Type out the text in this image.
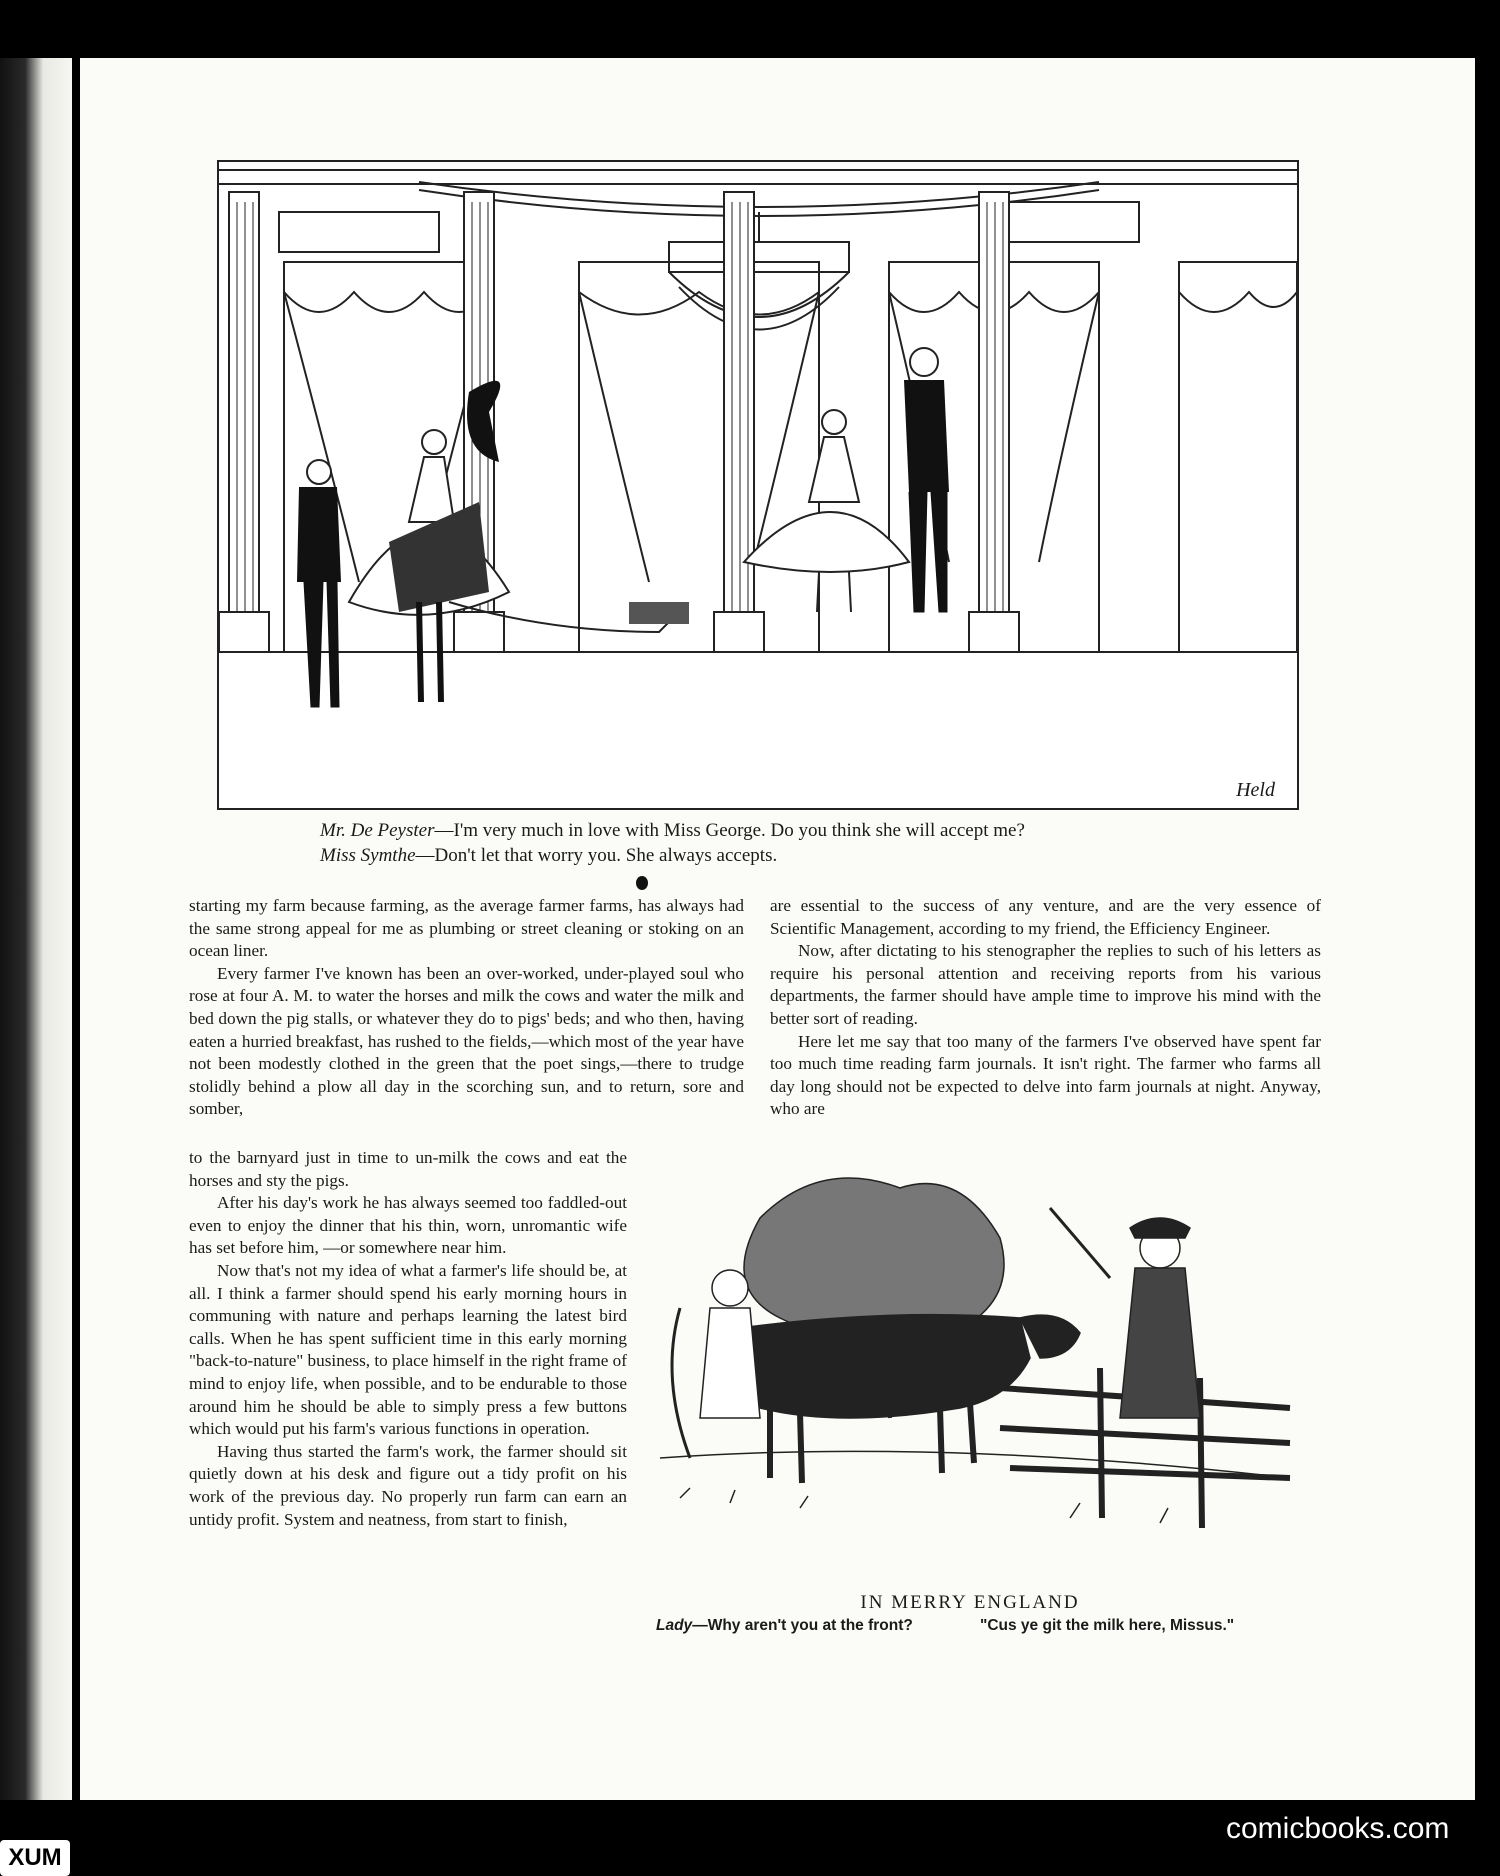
Held
Mr. De Peyster—I'm very much in love with Miss George. Do you think she will accept me?
Miss Symthe—Don't let that worry you. She always accepts.

starting my farm because farming, as the average farmer farms, has always had the same strong appeal for me as plumbing or street cleaning or stoking on an ocean liner.

Every farmer I've known has been an over-worked, under-played soul who rose at four A. M. to water the horses and milk the cows and water the milk and bed down the pig stalls, or whatever they do to pigs' beds; and who then, having eaten a hurried breakfast, has rushed to the fields,—which most of the year have not been modestly clothed in the green that the poet sings,—there to trudge stolidly behind a plow all day in the scorching sun, and to return, sore and somber,

to the barnyard just in time to un-milk the cows and eat the horses and sty the pigs.

After his day's work he has always seemed too faddled-out even to enjoy the dinner that his thin, worn, unromantic wife has set before him, —or somewhere near him.

Now that's not my idea of what a farmer's life should be, at all. I think a farmer should spend his early morning hours in communing with nature and perhaps learning the latest bird calls. When he has spent sufficient time in this early morning "back-to-nature" business, to place himself in the right frame of mind to enjoy life, when possible, and to be endurable to those around him he should be able to simply press a few buttons which would put his farm's various functions in operation.

Having thus started the farm's work, the farmer should sit quietly down at his desk and figure out a tidy profit on his work of the previous day. No properly run farm can earn an untidy profit. System and neatness, from start to finish,

are essential to the success of any venture, and are the very essence of Scientific Management, according to my friend, the Efficiency Engineer.

Now, after dictating to his stenographer the replies to such of his letters as require his personal attention and receiving reports from his various departments, the farmer should have ample time to improve his mind with the better sort of reading.

Here let me say that too many of the farmers I've observed have spent far too much time reading farm journals. It isn't right. The farmer who farms all day long should not be expected to delve into farm journals at night. Anyway, who are

IN MERRY ENGLAND
Lady—Why aren't you at the front?	"Cus ye git the milk here, Missus."
XUM
comicbooks.com
